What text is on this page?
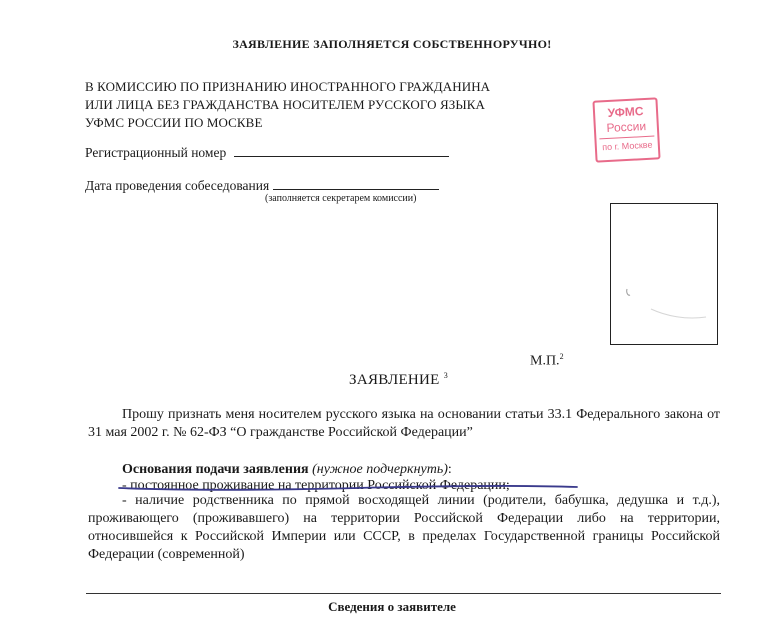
ЗАЯВЛЕНИЕ ЗАПОЛНЯЕТСЯ СОБСТВЕННОРУЧНО!
В КОМИССИЮ ПО ПРИЗНАНИЮ ИНОСТРАННОГО ГРАЖДАНИНА
ИЛИ ЛИЦА БЕЗ ГРАЖДАНСТВА НОСИТЕЛЕМ РУССКОГО ЯЗЫКА
УФМС РОССИИ ПО МОСКВЕ
Регистрационный номер
Дата проведения собеседования
(заполняется секретарем комиссии)
УФМС
России
по г. Москве
М.П.$^2$
ЗАЯВЛЕНИЕ $^3$
Прошу признать меня носителем русского языка на основании статьи 33.1 Федерального закона от 31 мая 2002 г. № 62-ФЗ “О гражданстве Российской Федерации”
Основания подачи заявления (нужное подчеркнуть):
- постоянное проживание на территории Российской Федерации;
- наличие родственника по прямой восходящей линии (родители, бабушка, дедушка и т.д.), проживающего (проживавшего) на территории Российской Федерации либо на территории, относившейся к Российской Империи или СССР, в пределах Государственной границы Российской Федерации (современной)
Сведения о заявителе
